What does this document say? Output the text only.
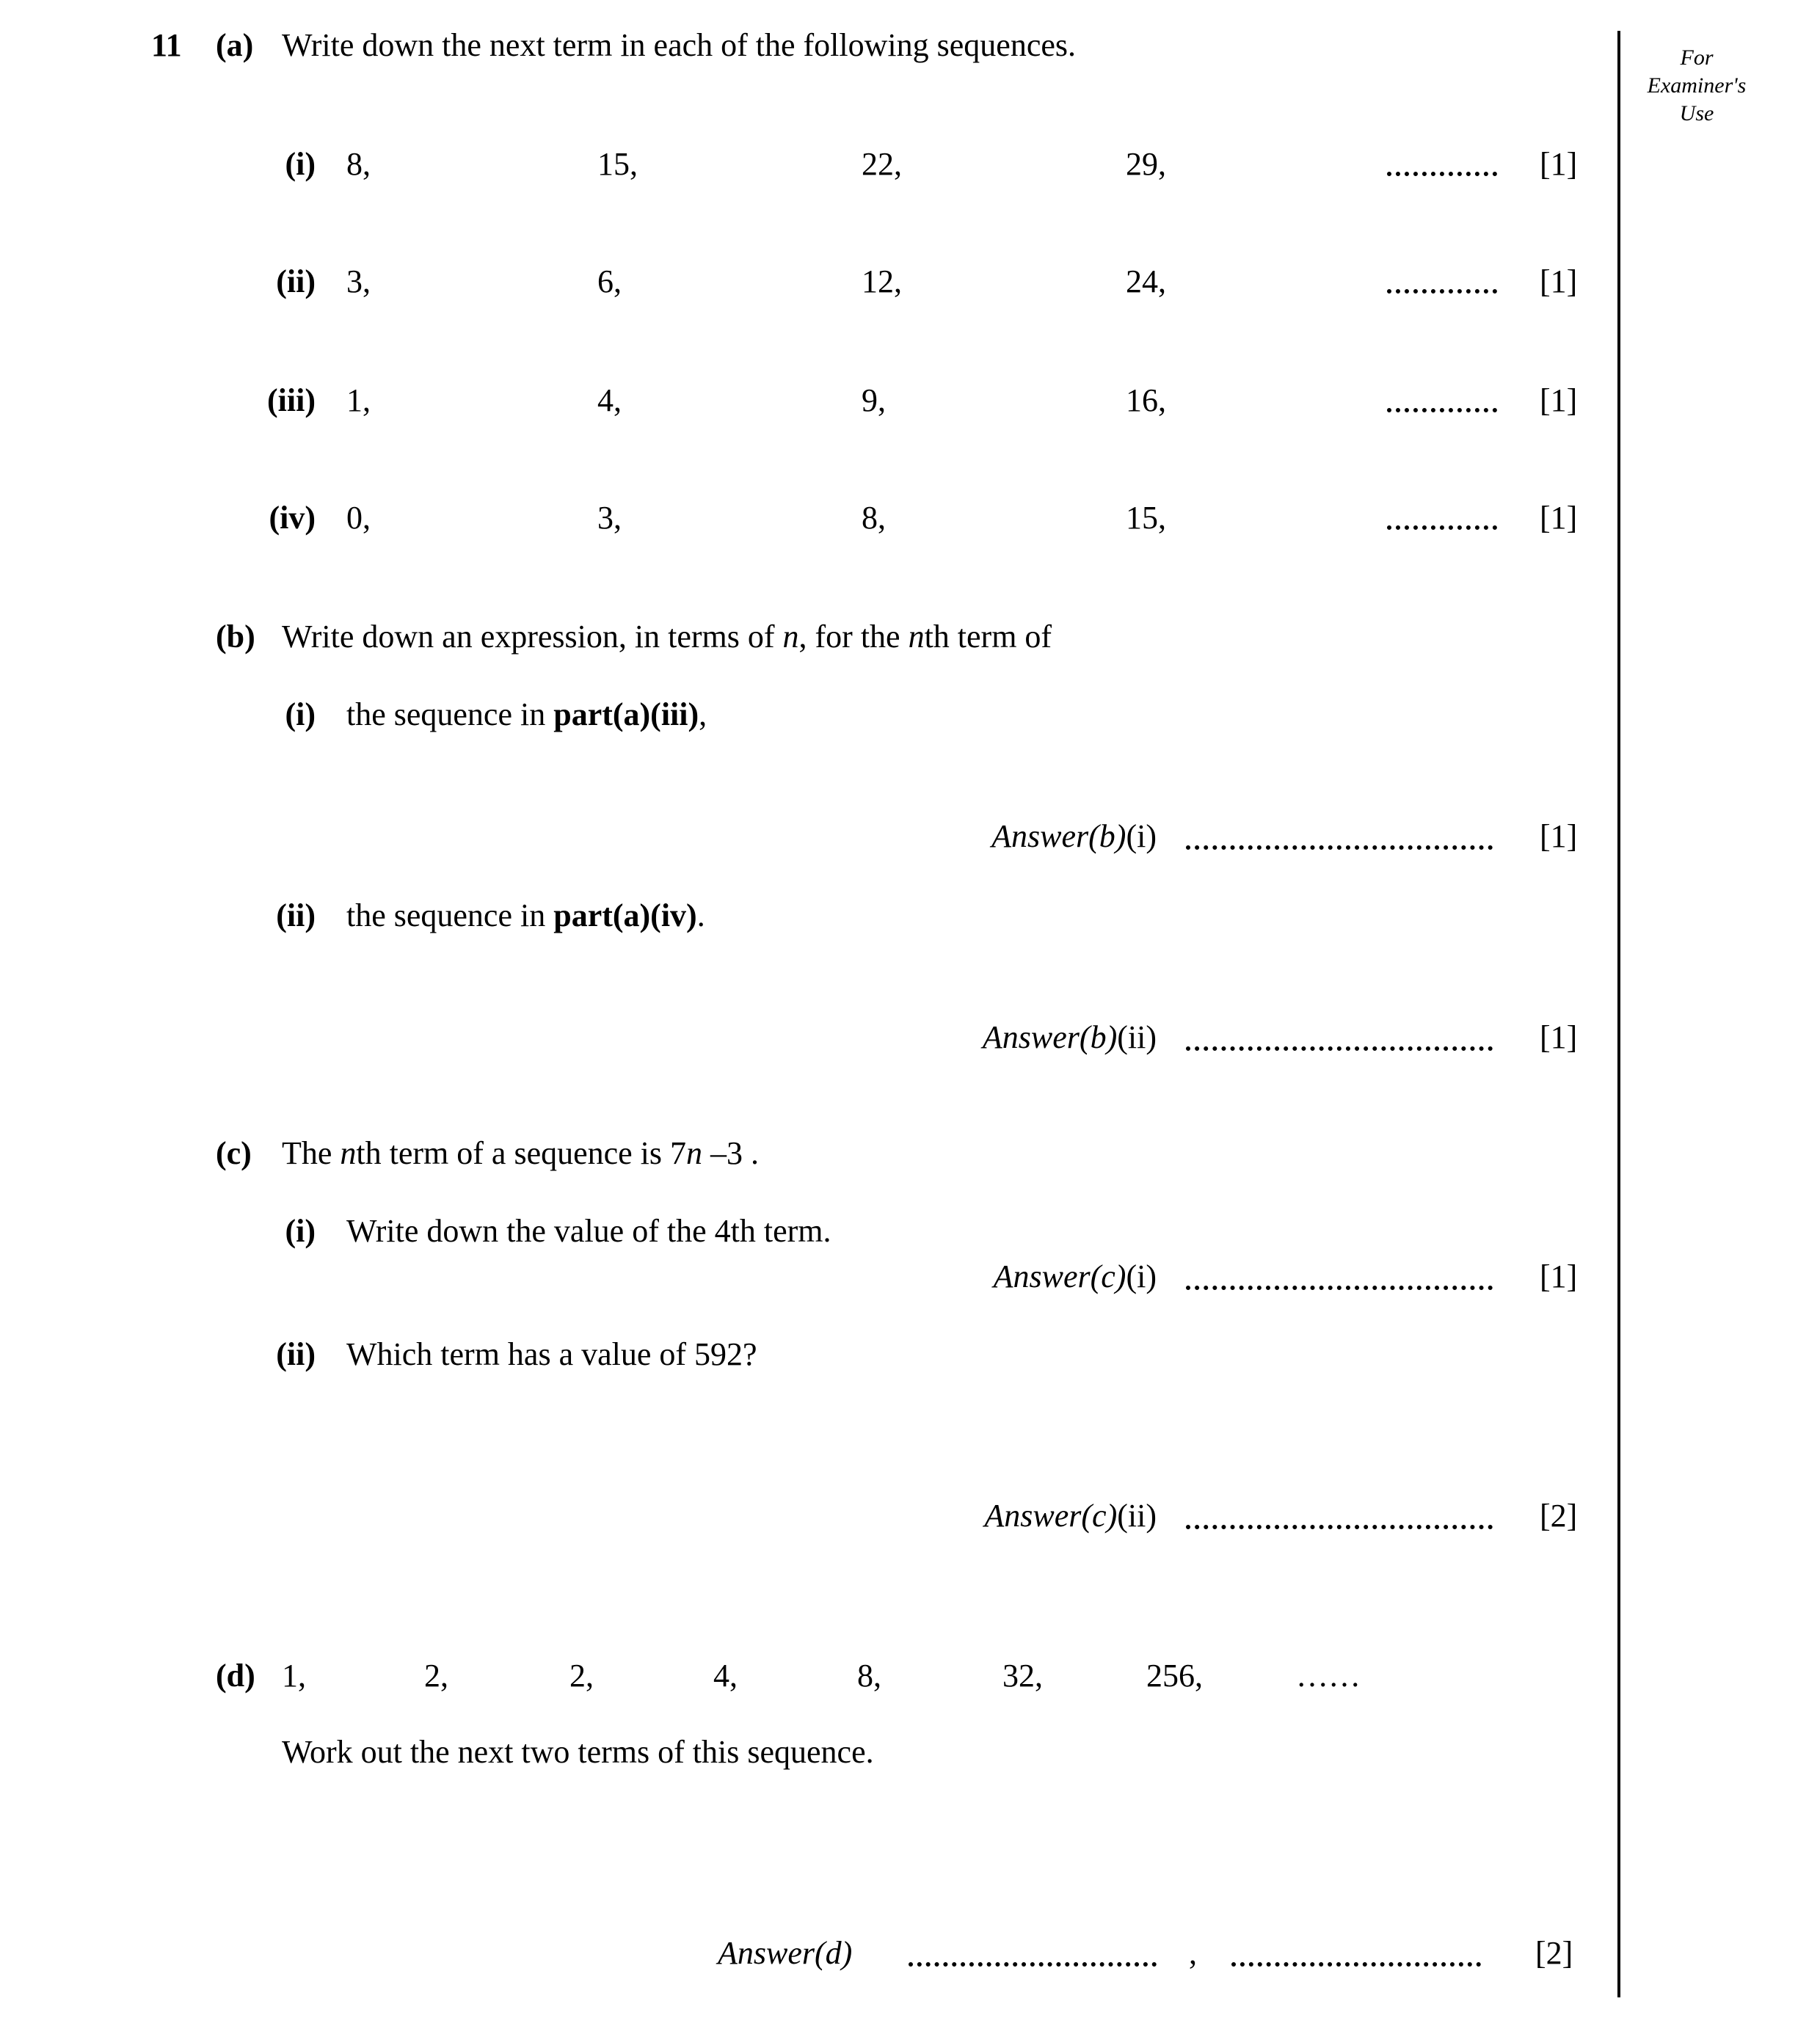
For
Examiner's
Use
11 (a) Write down the next term in each of the following sequences.
(i) 8,	15,	22,	29,	[1]
(ii) 3,	6,	12,	24,	[1]
(iii) 1,	4,	9,	16,	[1]
(iv) 0,	3,	8,	15,	[1]
(b) Write down an expression, in terms of n, for the nth term of
(i) the sequence in part(a)(iii),
Answer(b)(i)	[1]
(ii) the sequence in part(a)(iv).
Answer(b)(ii)	[1]
(c) The nth term of a sequence is 7n –3 .
(i) Write down the value of the 4th term.
Answer(c)(i)	[1]
(ii) Which term has a value of 592?
Answer(c)(ii)	[2]
(d) 1,	2,	2,	4,	8,	32,	256,	……
Work out the next two terms of this sequence.
Answer(d)	,	[2]
